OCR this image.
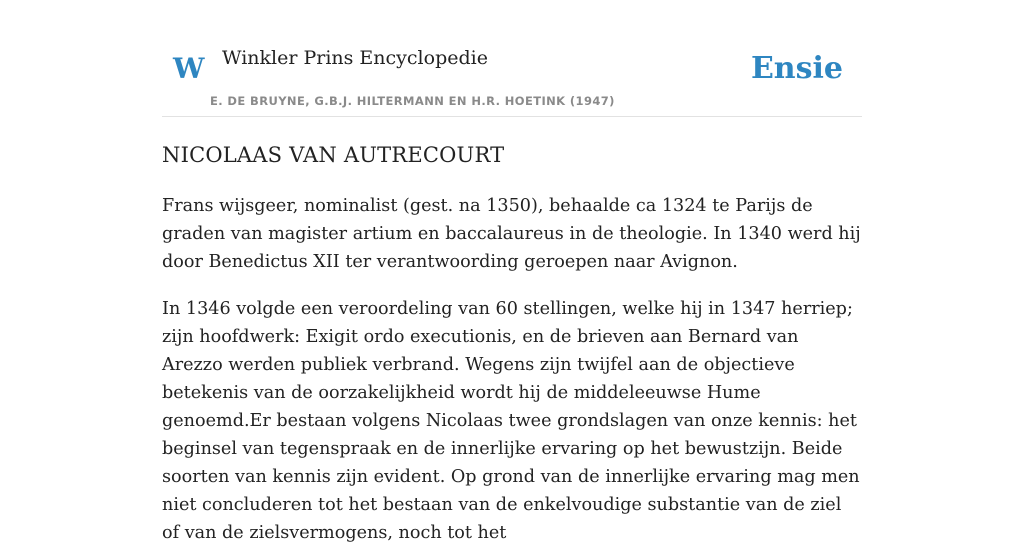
W Winkler Prins Encyclopedie
E. DE BRUYNE, G.B.J. HILTERMANN EN H.R. HOETINK (1947)
Ensie
NICOLAAS VAN AUTRECOURT

Frans wijsgeer, nominalist (gest. na 1350), behaalde ca 1324 te Parijs de graden van magister artium en baccalaureus in de theologie. In 1340 werd hij door Benedictus XII ter verantwoording geroepen naar Avignon.

In 1346 volgde een veroordeling van 60 stellingen, welke hij in 1347 herriep; zijn hoofdwerk: Exigit ordo executionis, en de brieven aan Bernard van Arezzo werden publiek verbrand. Wegens zijn twijfel aan de objectieve betekenis van de oorzakelijkheid wordt hij de middeleeuwse Hume genoemd.Er bestaan volgens Nicolaas twee grondslagen van onze kennis: het beginsel van tegenspraak en de innerlijke ervaring op het bewustzijn. Beide soorten van kennis zijn evident. Op grond van de innerlijke ervaring mag men niet concluderen tot het bestaan van de enkelvoudige substantie van de ziel of van de zielsvermogens, noch tot het
